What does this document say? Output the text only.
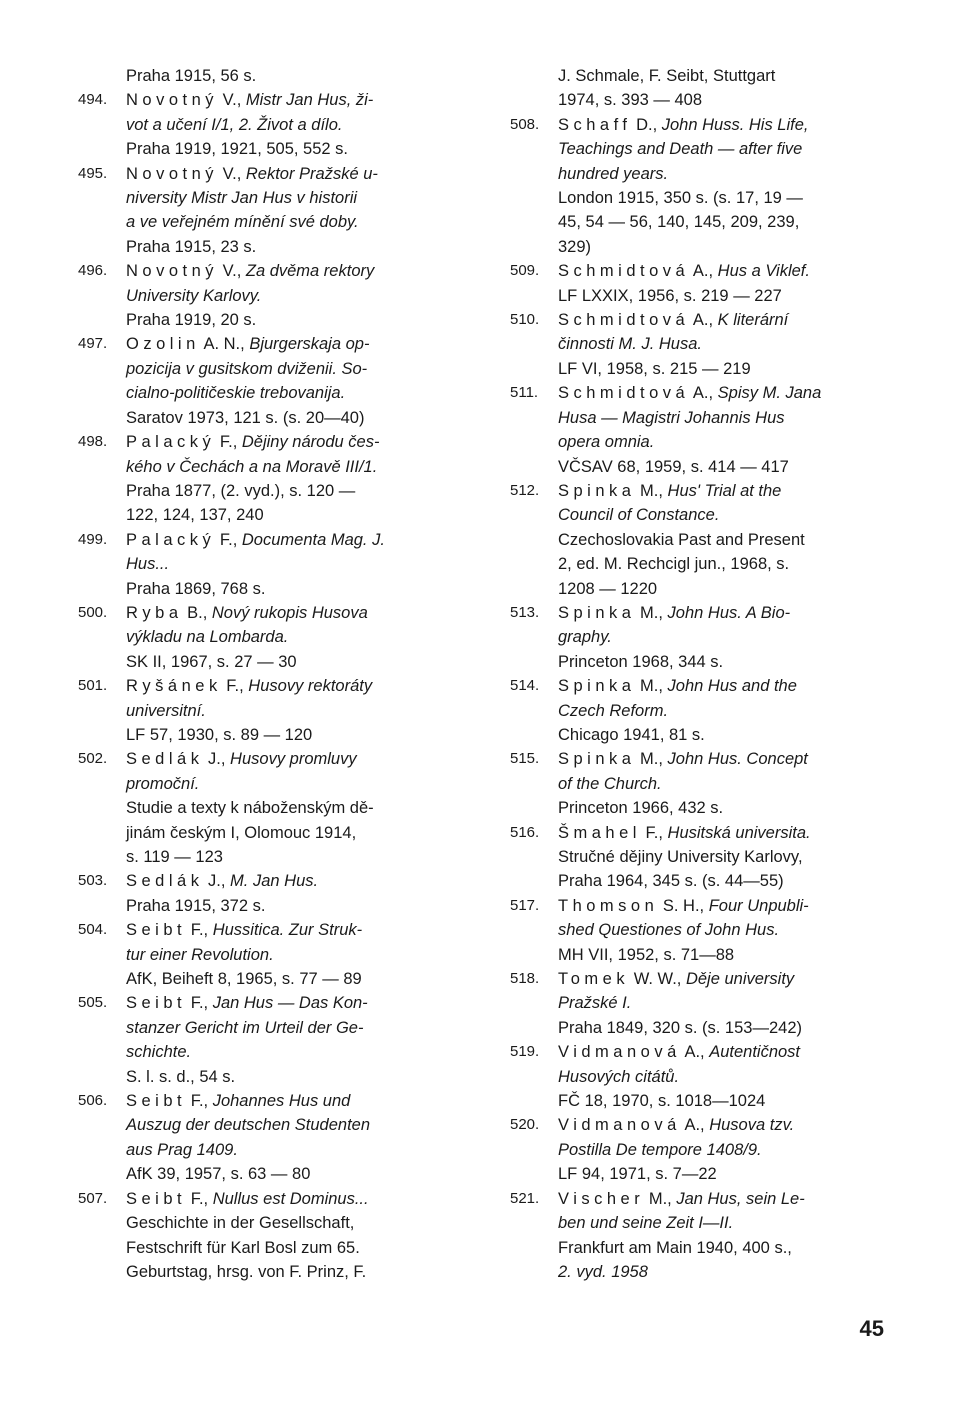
Praha 1915, 56 s.
494.	Novotný V., Mistr Jan Hus, ži-
vot a učení I/1, 2. Život a dílo.
Praha 1919, 1921, 505, 552 s.
495.	Novotný V., Rektor Pražské u-
niversity Mistr Jan Hus v historii
a ve veřejném mínění své doby.
Praha 1915, 23 s.
496.	Novotný V., Za dvěma rektory
University Karlovy.
Praha 1919, 20 s.
497.	Ozolin A. N., Bjurgerskaja op-
pozicija v gusitskom dviženii. So-
cialno-političeskie trebovanija.
Saratov 1973, 121 s. (s. 20—40)
498.	Palacký F., Dějiny národu čes-
kého v Čechách a na Moravě III/1.
Praha 1877, (2. vyd.), s. 120 —
122, 124, 137, 240
499.	Palacký F., Documenta Mag. J.
Hus...
Praha 1869, 768 s.
500.	Ryba B., Nový rukopis Husova
výkladu na Lombarda.
SK II, 1967, s. 27 — 30
501.	Ryšánek F., Husovy rektoráty
universitní.
LF 57, 1930, s. 89 — 120
502.	Sedlák J., Husovy promluvy
promoční.
Studie a texty k náboženským dě-
jinám českým I, Olomouc 1914,
s. 119 — 123
503.	Sedlák J., M. Jan Hus.
Praha 1915, 372 s.
504.	Seibt F., Hussitica. Zur Struk-
tur einer Revolution.
AfK, Beiheft 8, 1965, s. 77 — 89
505.	Seibt F., Jan Hus — Das Kon-
stanzer Gericht im Urteil der Ge-
schichte.
S. l. s. d., 54 s.
506.	Seibt F., Johannes Hus und
Auszug der deutschen Studenten
aus Prag 1409.
AfK 39, 1957, s. 63 — 80
507.	Seibt F., Nullus est Dominus...
Geschichte in der Gesellschaft,
Festschrift für Karl Bosl zum 65.
Geburtstag, hrsg. von F. Prinz, F.
J. Schmale, F. Seibt, Stuttgart
1974, s. 393 — 408
508.	Schaff D., John Huss. His Life,
Teachings and Death — after five
hundred years.
London 1915, 350 s. (s. 17, 19 —
45, 54 — 56, 140, 145, 209, 239,
329)
509.	Schmidtová A., Hus a Viklef.
LF LXXIX, 1956, s. 219 — 227
510.	Schmidtová A., K literární
činnosti M. J. Husa.
LF VI, 1958, s. 215 — 219
511.	Schmidtová A., Spisy M. Jana
Husa — Magistri Johannis Hus
opera omnia.
VČSAV 68, 1959, s. 414 — 417
512.	Spinka M., Hus' Trial at the
Council of Constance.
Czechoslovakia Past and Present
2, ed. M. Rechcigl jun., 1968, s.
1208 — 1220
513.	Spinka M., John Hus. A Bio-
graphy.
Princeton 1968, 344 s.
514.	Spinka M., John Hus and the
Czech Reform.
Chicago 1941, 81 s.
515.	Spinka M., John Hus. Concept
of the Church.
Princeton 1966, 432 s.
516.	Šmahel F., Husitská universita.
Stručné dějiny University Karlovy,
Praha 1964, 345 s. (s. 44—55)
517.	Thomson S. H., Four Unpubli-
shed Questiones of John Hus.
MH VII, 1952, s. 71—88
518.	Tomek W. W., Děje university
Pražské I.
Praha 1849, 320 s. (s. 153—242)
519.	Vidmanová A., Autentičnost
Husových citátů.
FČ 18, 1970, s. 1018—1024
520.	Vidmanová A., Husova tzv.
Postilla De tempore 1408/9.
LF 94, 1971, s. 7—22
521.	Vischer M., Jan Hus, sein Le-
ben und seine Zeit I—II.
Frankfurt am Main 1940, 400 s.,
2. vyd. 1958
45
